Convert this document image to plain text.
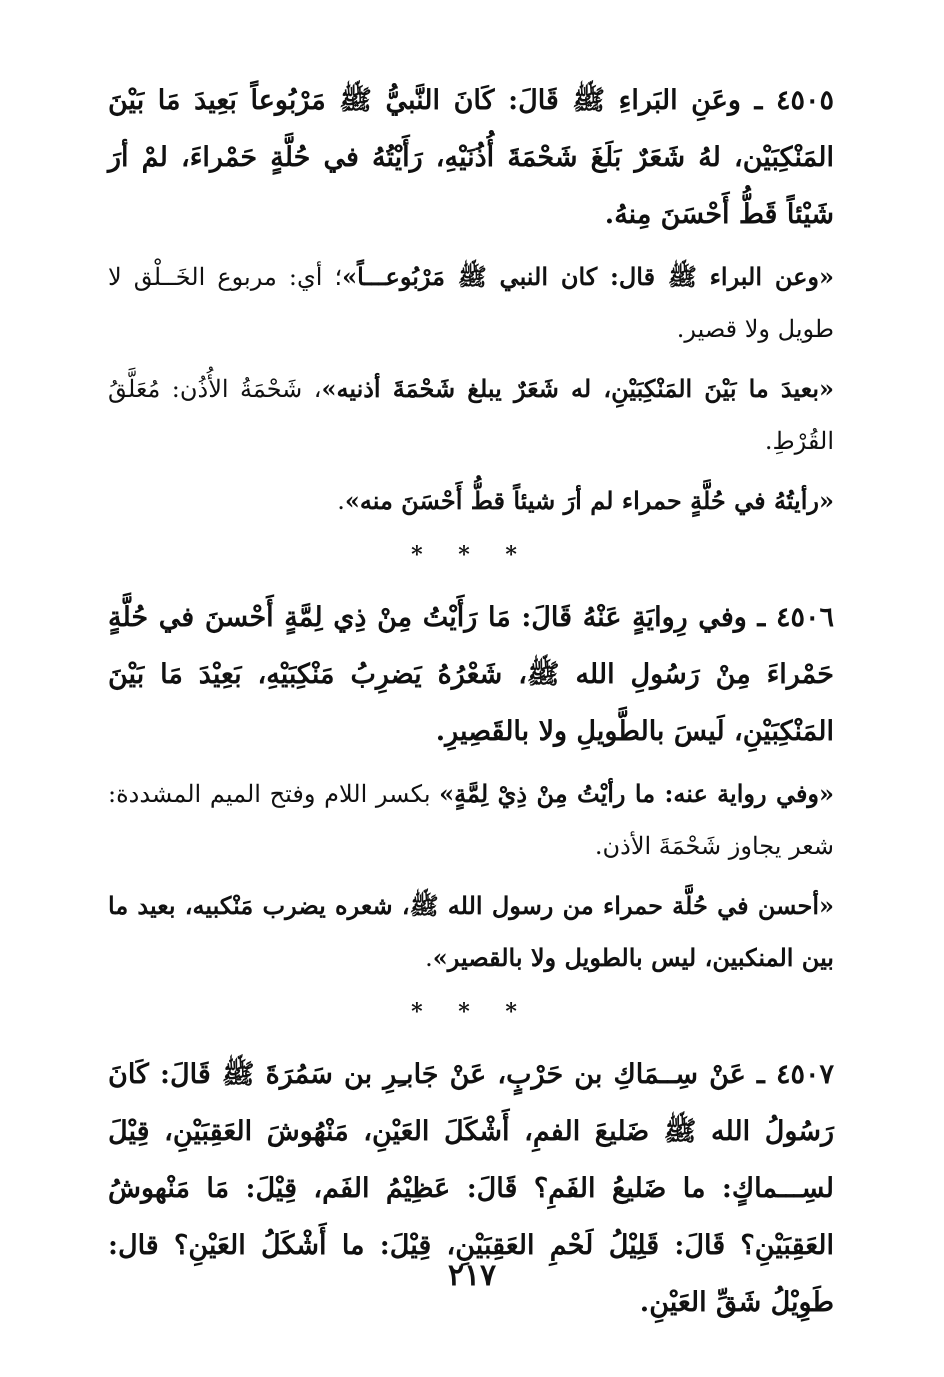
٤٥٠٥ ـ وعَنِ البَراءِ ﷺ قَالَ: كَانَ النَّبيُّ ﷺ مَرْبُوعاً بَعِيدَ مَا بَيْنَ المَنْكِبَيْن، لهُ شَعَرٌ بَلَغَ شَحْمَةَ أُذُنَيْهِ، رَأَيْتُهُ في حُلَّةٍ حَمْراءَ، لمْ أرَ شَيْئاً قَطُّ أَحْسَنَ مِنهُ.

«وعن البراء ﷺ قال: كان النبي ﷺ مَرْبُوعـــاً»؛ أي: مربوع الخَــلْق لا طويل ولا قصير.

«بعيدَ ما بَيْنَ المَنْكِبَيْنِ، له شَعَرٌ يبلغ شَحْمَةَ أذنيه»، شَحْمَةُ الأُذُن: مُعَلَّقُ القُرْطِ.

«رأيتُهُ في حُلَّةٍ حمراء لم أرَ شيئاً قطُّ أَحْسَنَ منه».

* * *

٤٥٠٦ ـ وفي رِوايَةٍ عَنْهُ قَالَ: مَا رَأَيْتُ مِنْ ذِي لِمَّةٍ أَحْسنَ في حُلَّةٍ حَمْراءَ مِنْ رَسُولِ الله ﷺ، شَعْرُهُ يَضرِبُ مَنْكِبَيْهِ، بَعِيْدَ مَا بَيْنَ المَنْكِبَيْنِ، لَيسَ بالطَّويلِ ولا بالقَصِيرِ.

«وفي رواية عنه: ما رأيْتُ مِنْ ذِيْ لِمَّةٍ» بكسر اللام وفتح الميم المشددة: شعر يجاوز شَحْمَةَ الأذن.

«أحسن في حُلَّة حمراء من رسول الله ﷺ، شعره يضرب مَنْكبيه، بعيد ما بين المنكبين، ليس بالطويل ولا بالقصير».

* * *

٤٥٠٧ ـ عَنْ سِــمَاكِ بن حَرْبٍ، عَنْ جَابـِرِ بن سَمُرَةَ ﷺ قَالَ: كَانَ رَسُولُ الله ﷺ ضَليعَ الفمِ، أَشْكَلَ العَيْنِ، مَنْهُوشَ العَقِبَيْنِ، قِيْلَ لسِـــماكٍ: ما ضَليعُ الفَمِ؟ قَالَ: عَظِيْمُ الفَم، قِيْلَ: مَا مَنْهوشُ العَقِبَيْنِ؟ قَالَ: قَلِيْلُ لَحْمِ العَقِبَيْنِ، قِيْلَ: ما أَشْكَلُ العَيْنِ؟ قال: طَوِيْلُ شَقِّ العَيْنِ.

٢١٧
